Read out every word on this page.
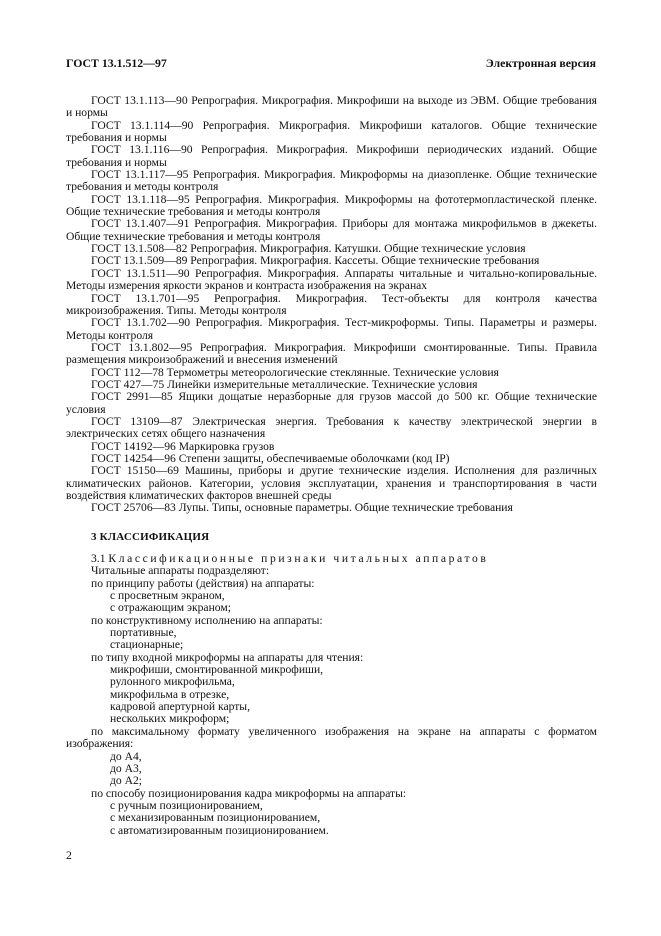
ГОСТ 13.1.512—97	Электронная версия

ГОСТ 13.1.113—90 Репрография. Микрография. Микрофиши на выходе из ЭВМ. Общие требования и нормы

ГОСТ 13.1.114—90 Репрография. Микрография. Микрофиши каталогов. Общие технические требования и нормы

ГОСТ 13.1.116—90 Репрография. Микрография. Микрофиши периодических изданий. Общие требования и нормы

ГОСТ 13.1.117—95 Репрография. Микрография. Микроформы на диазопленке. Общие технические требования и методы контроля

ГОСТ 13.1.118—95 Репрография. Микрография. Микроформы на фототермопластической пленке. Общие технические требования и методы контроля

ГОСТ 13.1.407—91 Репрография. Микрография. Приборы для монтажа микрофильмов в джекеты. Общие технические требования и методы контроля

ГОСТ 13.1.508—82 Репрография. Микрография. Катушки. Общие технические условия

ГОСТ 13.1.509—89 Репрография. Микрография. Кассеты. Общие технические требования

ГОСТ 13.1.511—90 Репрография. Микрография. Аппараты читальные и читально-копировальные. Методы измерения яркости экранов и контраста изображения на экранах

ГОСТ 13.1.701—95 Репрография. Микрография. Тест-объекты для контроля качества микроизображения. Типы. Методы контроля

ГОСТ 13.1.702—90 Репрография. Микрография. Тест-микроформы. Типы. Параметры и размеры. Методы контроля

ГОСТ 13.1.802—95 Репрография. Микрография. Микрофиши смонтированные. Типы. Правила размещения микроизображений и внесения изменений

ГОСТ 112—78 Термометры метеорологические стеклянные. Технические условия

ГОСТ 427—75 Линейки измерительные металлические. Технические условия

ГОСТ 2991—85 Ящики дощатые неразборные для грузов массой до 500 кг. Общие технические условия

ГОСТ 13109—87 Электрическая энергия. Требования к качеству электрической энергии в электрических сетях общего назначения

ГОСТ 14192—96 Маркировка грузов

ГОСТ 14254—96 Степени защиты, обеспечиваемые оболочками (код IP)

ГОСТ 15150—69 Машины, приборы и другие технические изделия. Исполнения для различных климатических районов. Категории, условия эксплуатации, хранения и транспортирования в части воздействия климатических факторов внешней среды

ГОСТ 25706—83 Лупы. Типы, основные параметры. Общие технические требования

3 КЛАССИФИКАЦИЯ

3.1 Классификационные признаки читальных аппаратов

Читальные аппараты подразделяют:

по принципу работы (действия) на аппараты:

с просветным экраном,

с отражающим экраном;

по конструктивному исполнению на аппараты:

портативные,

стационарные;

по типу входной микроформы на аппараты для чтения:

микрофиши, смонтированной микрофиши,

рулонного микрофильма,

микрофильма в отрезке,

кадровой апертурной карты,

нескольких микроформ;

по максимальному формату увеличенного изображения на экране на аппараты с форматом изображения:

до А4,

до А3,

до А2;

по способу позиционирования кадра микроформы на аппараты:

с ручным позиционированием,

с механизированным позиционированием,

с автоматизированным позиционированием.

2
